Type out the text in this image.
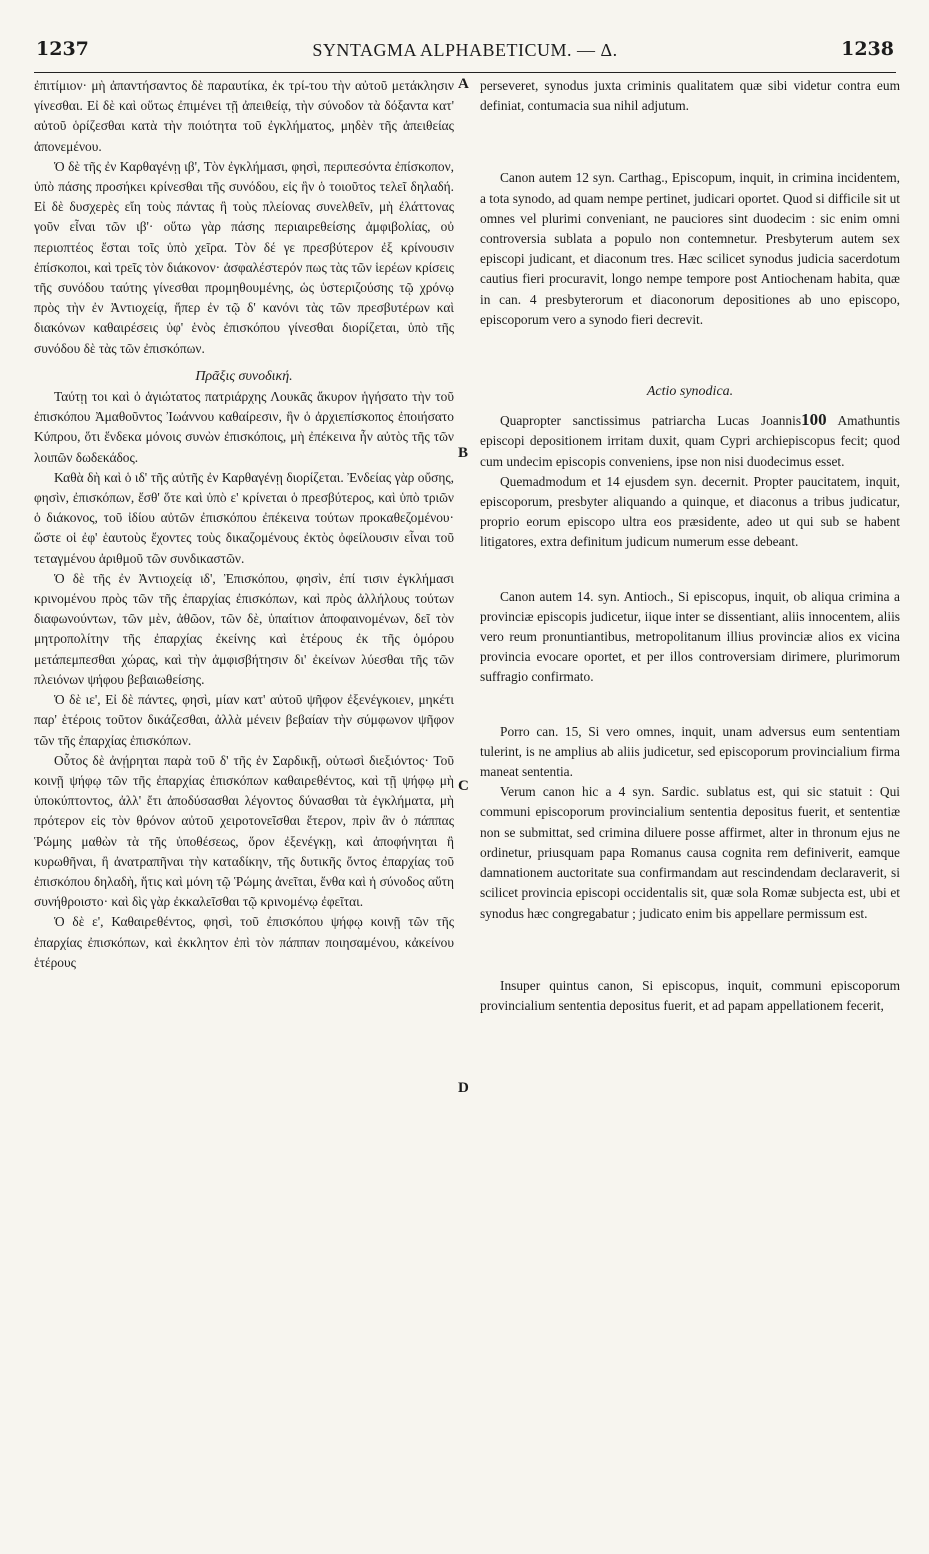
1237	SYNTAGMA ALPHABETICUM. — Δ.	1238
A
B
C
D

ἐπιτίμιον· μὴ ἀπαντήσαντος δὲ παραυτίκα, ἐκ τρί-του τὴν αὐτοῦ μετάκλησιν γίνεσθαι. Εἰ δὲ καὶ οὕτως ἐπιμένει τῇ ἀπειθείᾳ, τὴν σύνοδον τὰ δόξαντα κατ' αὐτοῦ ὁρίζεσθαι κατὰ τὴν ποιότητα τοῦ ἐγκλήματος, μηδὲν τῆς ἀπειθείας ἀπονεμένου.

Ὁ δὲ τῆς ἐν Καρθαγένῃ ιβ', Τὸν ἐγκλήμασι, φησὶ, περιπεσόντα ἐπίσκοπον, ὑπὸ πάσης προσήκει κρίνεσθαι τῆς συνόδου, εἰς ἣν ὁ τοιοῦτος τελεῖ δηλαδή. Εἰ δὲ δυσχερὲς εἴη τοὺς πάντας ἢ τοὺς πλείονας συνελθεῖν, μὴ ἐλάττονας γοῦν εἶναι τῶν ιβ'· οὕτω γὰρ πάσης περιαιρεθείσης ἀμφιβολίας, οὐ περιοπτέος ἔσται τοῖς ὑπὸ χεῖρα. Τὸν δέ γε πρεσβύτερον ἐξ κρίνουσιν ἐπίσκοποι, καὶ τρεῖς τὸν διάκονον· ἀσφαλέστερόν πως τὰς τῶν ἱερέων κρίσεις τῆς συνόδου ταύτης γίνεσθαι προμηθουμένης, ὡς ὑστεριζούσης τῷ χρόνῳ πρὸς τὴν ἐν Ἀντιοχείᾳ, ἥπερ ἐν τῷ δ' κανόνι τὰς τῶν πρεσβυτέρων καὶ διακόνων καθαιρέσεις ὑφ' ἑνὸς ἐπισκόπου γίνεσθαι διορίζεται, ὑπὸ τῆς συνόδου δὲ τὰς τῶν ἐπισκόπων.

Πρᾶξις συνοδική.

Ταύτῃ τοι καὶ ὁ ἁγιώτατος πατριάρχης Λουκᾶς ἄκυρον ἡγήσατο τὴν τοῦ ἐπισκόπου Ἀμαθοῦντος Ἰωάννου καθαίρεσιν, ἣν ὁ ἀρχιεπίσκοπος ἐποιήσατο Κύπρου, ὅτι ἕνδεκα μόνοις συνὼν ἐπισκόποις, μὴ ἐπέκεινα ἦν αὐτὸς τῆς τῶν λοιπῶν δωδεκάδος.

Καθὰ δὴ καὶ ὁ ιδ' τῆς αὐτῆς ἐν Καρθαγένῃ διορίζεται. Ἐνδείας γὰρ οὔσης, φησὶν, ἐπισκόπων, ἔσθ' ὅτε καὶ ὑπὸ ε' κρίνεται ὁ πρεσβύτερος, καὶ ὑπὸ τριῶν ὁ διάκονος, τοῦ ἰδίου αὐτῶν ἐπισκόπου ἐπέκεινα τούτων προκαθεζομένου· ὥστε οἱ ἐφ' ἑαυτοὺς ἔχοντες τοὺς δικαζομένους ἐκτὸς ὀφείλουσιν εἶναι τοῦ τεταγμένου ἀριθμοῦ τῶν συνδικαστῶν.

Ὁ δὲ τῆς ἐν Ἀντιοχείᾳ ιδ', Ἐπισκόπου, φησὶν, ἐπί τισιν ἐγκλήμασι κρινομένου πρὸς τῶν τῆς ἐπαρχίας ἐπισκόπων, καὶ πρὸς ἀλλήλους τούτων διαφωνούντων, τῶν μὲν, ἀθῶον, τῶν δὲ, ὑπαίτιον ἀποφαινομένων, δεῖ τὸν μητροπολίτην τῆς ἐπαρχίας ἐκείνης καὶ ἑτέρους ἐκ τῆς ὁμόρου μετάπεμπεσθαι χώρας, καὶ τὴν ἀμφισβήτησιν δι' ἐκείνων λύεσθαι τῆς τῶν πλειόνων ψήφου βεβαιωθείσης.

Ὁ δὲ ιε', Εἰ δὲ πάντες, φησὶ, μίαν κατ' αὐτοῦ ψῆφον ἐξενέγκοιεν, μηκέτι παρ' ἑτέροις τοῦτον δικάζεσθαι, ἀλλὰ μένειν βεβαίαν τὴν σύμφωνον ψῆφον τῶν τῆς ἐπαρχίας ἐπισκόπων.

Οὗτος δὲ ἀνῄρηται παρὰ τοῦ δ' τῆς ἐν Σαρδικῇ, οὑτωσὶ διεξιόντος· Τοῦ κοινῇ ψήφῳ τῶν τῆς ἐπαρχίας ἐπισκόπων καθαιρεθέντος, καὶ τῇ ψήφῳ μὴ ὑποκύπτοντος, ἀλλ' ἔτι ἀποδύσασθαι λέγοντος δύνασθαι τὰ ἐγκλήματα, μὴ πρότερον εἰς τὸν θρόνον αὐτοῦ χειροτονεῖσθαι ἕτερον, πρὶν ἂν ὁ πάππας Ῥώμης μαθὼν τὰ τῆς ὑποθέσεως, ὅρον ἐξενέγκῃ, καὶ ἀποφήνηται ἢ κυρωθῆναι, ἢ ἀνατραπῆναι τὴν καταδίκην, τῆς δυτικῆς ὄντος ἐπαρχίας τοῦ ἐπισκόπου δηλαδὴ, ἥτις καὶ μόνη τῷ Ῥώμης ἀνεῖται, ἔνθα καὶ ἡ σύνοδος αὕτη συνήθροιστο· καὶ δὶς γὰρ ἐκκαλεῖσθαι τῷ κρινομένῳ ἐφεῖται.

Ὁ δὲ ε', Καθαιρεθέντος, φησὶ, τοῦ ἐπισκόπου ψήφῳ κοινῇ τῶν τῆς ἐπαρχίας ἐπισκόπων, καὶ ἐκκλητον ἐπὶ τὸν πάππαν ποιησαμένου, κἀκείνου ἑτέρους

perseveret, synodus juxta criminis qualitatem quæ sibi videtur contra eum definiat, contumacia sua nihil adjutum.

Canon autem 12 syn. Carthag., Episcopum, inquit, in crimina incidentem, a tota synodo, ad quam nempe pertinet, judicari oportet. Quod si difficile sit ut omnes vel plurimi conveniant, ne pauciores sint duodecim : sic enim omni controversia sublata a populo non contemnetur. Presbyterum autem sex episcopi judicant, et diaconum tres. Hæc scilicet synodus judicia sacerdotum cautius fieri procuravit, longo nempe tempore post Antiochenam habita, quæ in can. 4 presbyterorum et diaconorum depositiones ab uno episcopo, episcoporum vero a synodo fieri decrevit.

Actio synodica.

Quapropter sanctissimus patriarcha Lucas Joannis100 Amathuntis episcopi depositionem irritam duxit, quam Cypri archiepiscopus fecit; quod cum undecim episcopis conveniens, ipse non nisi duodecimus esset.

Quemadmodum et 14 ejusdem syn. decernit. Propter paucitatem, inquit, episcoporum, presbyter aliquando a quinque, et diaconus a tribus judicatur, proprio eorum episcopo ultra eos præsidente, adeo ut qui sub se habent litigatores, extra definitum judicum numerum esse debeant.

Canon autem 14. syn. Antioch., Si episcopus, inquit, ob aliqua crimina a provinciæ episcopis judicetur, iique inter se dissentiant, aliis innocentem, aliis vero reum pronuntiantibus, metropolitanum illius provinciæ alios ex vicina provincia evocare oportet, et per illos controversiam dirimere, plurimorum suffragio confirmato.

Porro can. 15, Si vero omnes, inquit, unam adversus eum sententiam tulerint, is ne amplius ab aliis judicetur, sed episcoporum provincialium firma maneat sententia.

Verum canon hic a 4 syn. Sardic. sublatus est, qui sic statuit : Qui communi episcoporum provincialium sententia depositus fuerit, et sententiæ non se submittat, sed crimina diluere posse affirmet, alter in thronum ejus ne ordinetur, priusquam papa Romanus causa cognita rem definiverit, eamque damnationem auctoritate sua confirmandam aut rescindendam declaraverit, si scilicet provincia episcopi occidentalis sit, quæ sola Romæ subjecta est, ubi et synodus hæc congregabatur ; judicato enim bis appellare permissum est.

Insuper quintus canon, Si episcopus, inquit, communi episcoporum provincialium sententia depositus fuerit, et ad papam appellationem fecerit,
